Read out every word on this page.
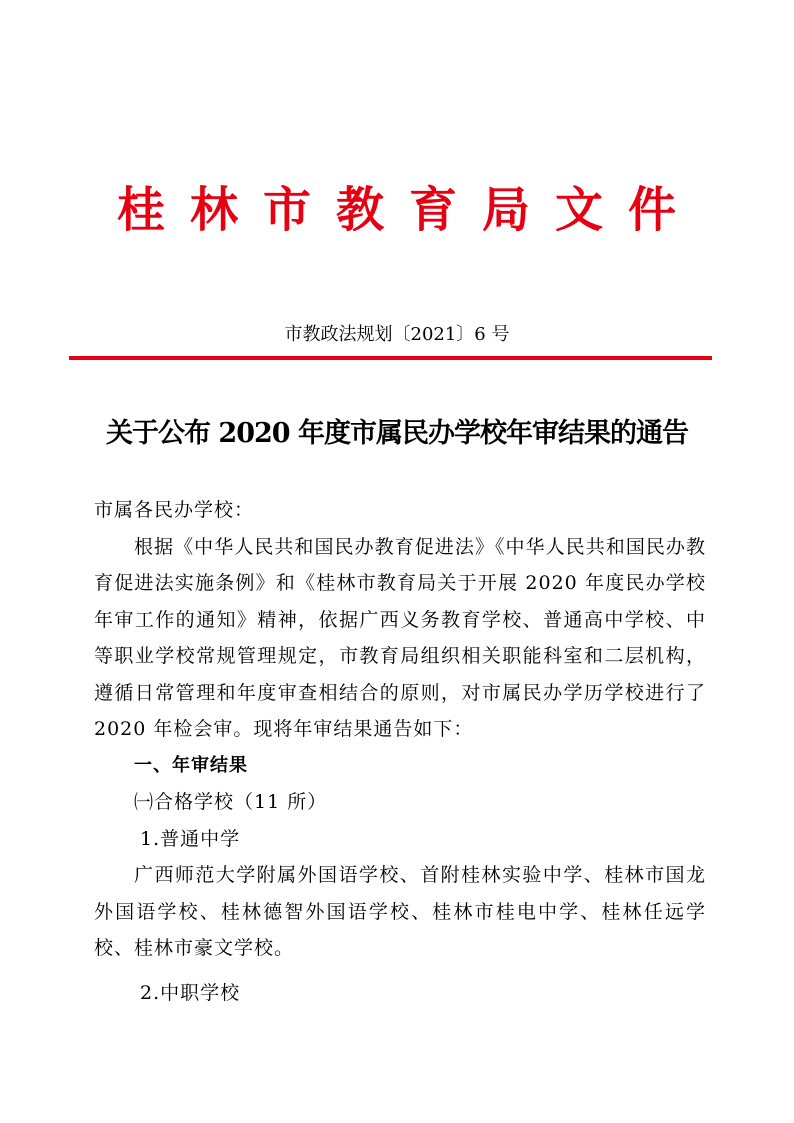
桂林市教育局文件
市教政法规划〔2021〕6 号
关于公布 2020 年度市属民办学校年审结果的通告

市属各民办学校：

根据《中华人民共和国民办教育促进法》《中华人民共和国民办教育促进法实施条例》和《桂林市教育局关于开展 2020 年度民办学校年审工作的通知》精神，依据广西义务教育学校、普通高中学校、中等职业学校常规管理规定，市教育局组织相关职能科室和二层机构，遵循日常管理和年度审查相结合的原则，对市属民办学历学校进行了 2020 年检会审。现将年审结果通告如下：

一、年审结果

㈠合格学校（11 所）

1.普通中学

广西师范大学附属外国语学校、首附桂林实验中学、桂林市国龙外国语学校、桂林德智外国语学校、桂林市桂电中学、桂林任远学校、桂林市豪文学校。

2.中职学校
